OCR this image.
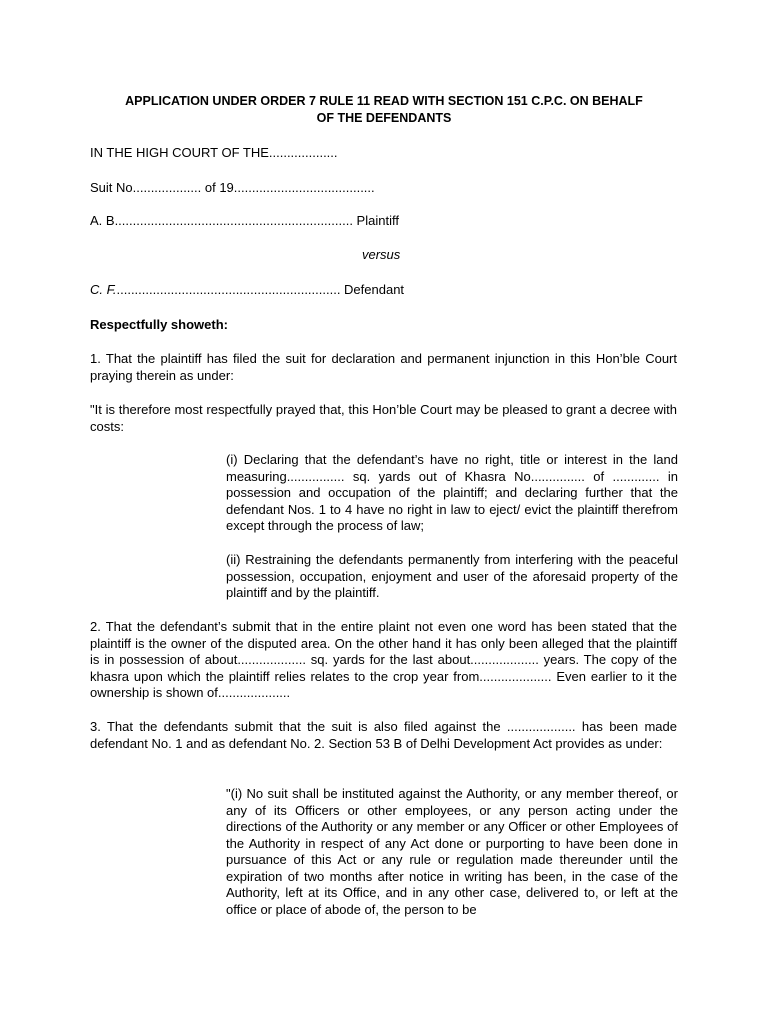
APPLICATION UNDER ORDER 7 RULE 11 READ WITH SECTION 151 C.P.C. ON BEHALF
OF THE DEFENDANTS
IN THE HIGH COURT OF THE...................
Suit No................... of 19.......................................
A. B.................................................................. Plaintiff
versus
C. F............................................................... Defendant
Respectfully showeth:
1. That the plaintiff has filed the suit for declaration and permanent injunction in this Hon’ble Court praying therein as under:
"It is therefore most respectfully prayed that, this Hon’ble Court may be pleased to grant a decree with costs:
(i) Declaring that the defendant’s have no right, title or interest in the land measuring................ sq. yards out of Khasra No............... of ............. in possession and occupation of the plaintiff; and declaring further that the defendant Nos. 1 to 4 have no right in law to eject/ evict the plaintiff therefrom except through the process of law;
(ii) Restraining the defendants permanently from interfering with the peaceful possession, occupation, enjoyment and user of the aforesaid property of the plaintiff and by the plaintiff.
2. That the defendant’s submit that in the entire plaint not even one word has been stated that the plaintiff is the owner of the disputed area. On the other hand it has only been alleged that the plaintiff is in possession of about................... sq. yards for the last about................... years. The copy of the khasra upon which the plaintiff relies relates to the crop year from.................... Even earlier to it the ownership is shown of....................
3. That the defendants submit that the suit is also filed against the ................... has been made defendant No. 1 and as defendant No. 2. Section 53 B of Delhi Development Act provides as under:
"(i) No suit shall be instituted against the Authority, or any member thereof, or any of its Officers or other employees, or any person acting under the directions of the Authority or any member or any Officer or other Employees of the Authority in respect of any Act done or purporting to have been done in pursuance of this Act or any rule or regulation made thereunder until the expiration of two months after notice in writing has been, in the case of the Authority, left at its Office, and in any other case, delivered to, or left at the office or place of abode of, the person to be
